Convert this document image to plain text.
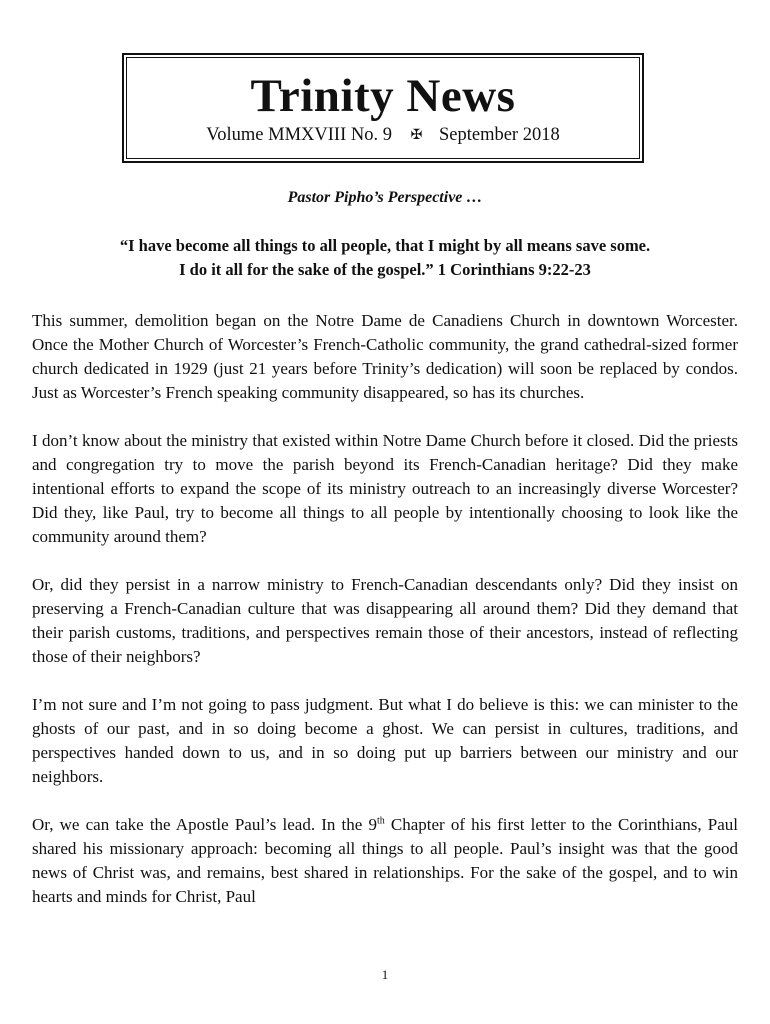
Trinity News
Volume MMXVIII No. 9 ✠ September 2018
Pastor Pipho’s Perspective …
“I have become all things to all people, that I might by all means save some.
I do it all for the sake of the gospel.” 1 Corinthians 9:22-23

This summer, demolition began on the Notre Dame de Canadiens Church in downtown Worcester. Once the Mother Church of Worcester’s French-Catholic community, the grand cathedral-sized former church dedicated in 1929 (just 21 years before Trinity’s dedication) will soon be replaced by condos. Just as Worcester’s French speaking community disappeared, so has its churches.

I don’t know about the ministry that existed within Notre Dame Church before it closed. Did the priests and congregation try to move the parish beyond its French-Canadian heritage? Did they make intentional efforts to expand the scope of its ministry outreach to an increasingly diverse Worcester? Did they, like Paul, try to become all things to all people by intentionally choosing to look like the community around them?

Or, did they persist in a narrow ministry to French-Canadian descendants only? Did they insist on preserving a French-Canadian culture that was disappearing all around them? Did they demand that their parish customs, traditions, and perspectives remain those of their ancestors, instead of reflecting those of their neighbors?

I’m not sure and I’m not going to pass judgment. But what I do believe is this: we can minister to the ghosts of our past, and in so doing become a ghost. We can persist in cultures, traditions, and perspectives handed down to us, and in so doing put up barriers between our ministry and our neighbors.

Or, we can take the Apostle Paul’s lead. In the 9th Chapter of his first letter to the Corinthians, Paul shared his missionary approach: becoming all things to all people. Paul’s insight was that the good news of Christ was, and remains, best shared in relationships. For the sake of the gospel, and to win hearts and minds for Christ, Paul

1
